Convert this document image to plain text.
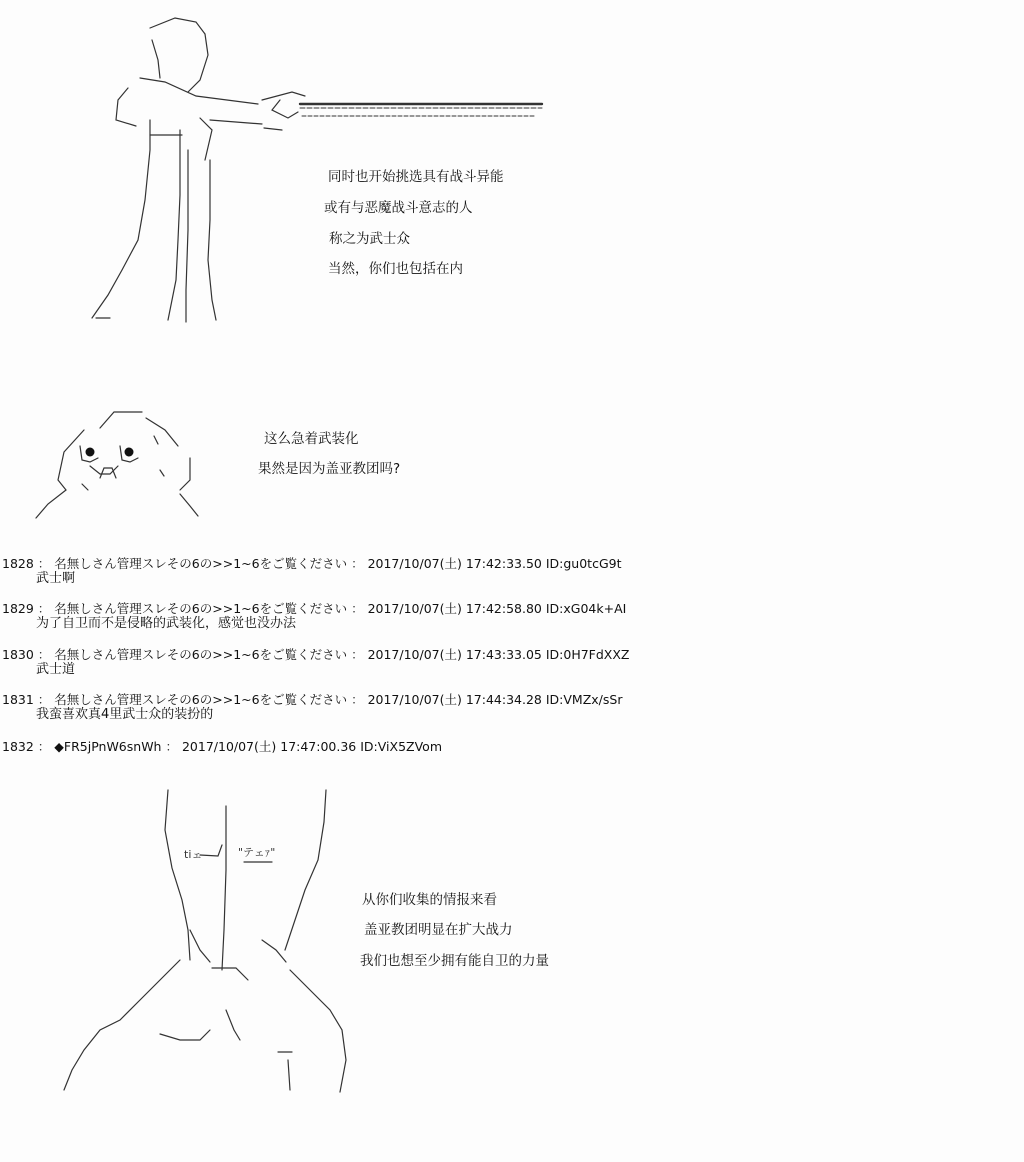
tiェ	"テェｧ"
同时也开始挑选具有战斗异能
或有与恶魔战斗意志的人
称之为武士众
当然，你们也包括在内
这么急着武装化
果然是因为盖亚教团吗?
1828 ： 名無しさん管理スレその6の>>1~6をご覧ください ： 2017/10/07(土) 17:42:33.50 ID:gu0tcG9t
武士啊
1829 ： 名無しさん管理スレその6の>>1~6をご覧ください ： 2017/10/07(土) 17:42:58.80 ID:xG04k+AI
为了自卫而不是侵略的武装化，感觉也没办法
1830 ： 名無しさん管理スレその6の>>1~6をご覧ください ： 2017/10/07(土) 17:43:33.05 ID:0H7FdXXZ
武士道
1831 ： 名無しさん管理スレその6の>>1~6をご覧ください ： 2017/10/07(土) 17:44:34.28 ID:VMZx/sSr
我蛮喜欢真4里武士众的装扮的
1832 ： ◆FR5jPnW6snWh ： 2017/10/07(土) 17:47:00.36 ID:ViX5ZVom
从你们收集的情报来看
盖亚教团明显在扩大战力
我们也想至少拥有能自卫的力量
